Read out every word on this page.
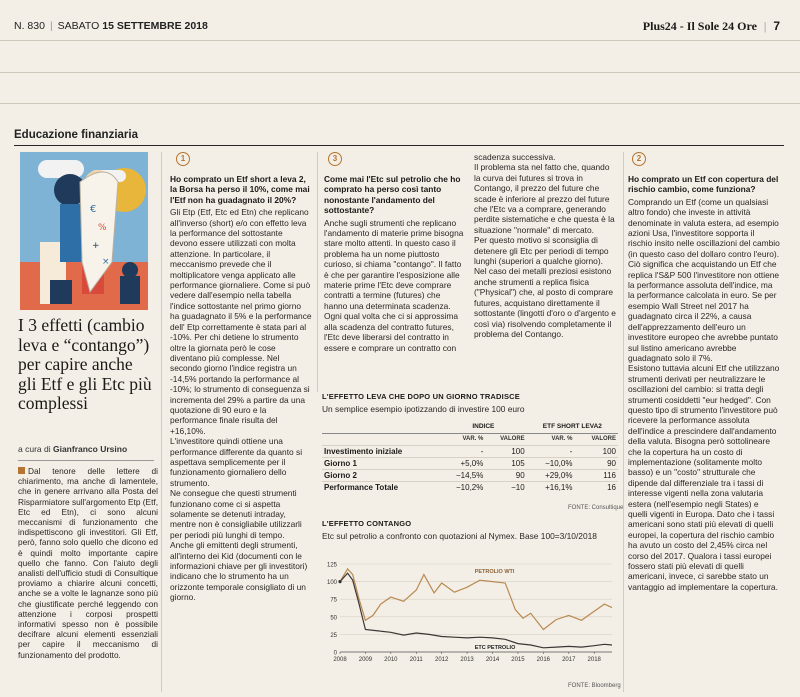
N. 830 | SABATO 15 SETTEMBRE 2018	Plus24 - Il Sole 24 Ore | 7
Educazione finanziaria
€
%
+
×
I 3 effetti (cambio leva e “contango”) per capire anche gli Etf e gli Etc più complessi
a cura di Gianfranco Ursino

Dal tenore delle lettere di chiarimento, ma anche di lamentele, che in genere arrivano alla Posta del Risparmiatore sull'argomento Etp (Etf, Etc ed Etn), ci sono alcuni meccanismi di funzionamento che indispettiscono gli investitori. Gli Etf, però, fanno solo quello che dicono ed è quindi molto importante capire quello che fanno. Con l'aiuto degli analisti dell'ufficio studi di Consultique proviamo a chiarire alcuni concetti, anche se a volte le lagnanze sono più che giustificate perché leggendo con attenzione i corposi prospetti informativi spesso non è possibile decifrare alcuni elementi essenziali per capire il meccanismo di funzionamento del prodotto.

1
Ho comprato un Etf short a leva 2, la Borsa ha perso il 10%, come mai l'Etf non ha guadagnato il 20%?

Gli Etp (Etf, Etc ed Etn) che replicano all'inverso (short) e/o con effetto leva la performance del sottostante devono essere utilizzati con molta attenzione. In particolare, il meccanismo prevede che il moltiplicatore venga applicato alle performance giornaliere. Come si può vedere dall'esempio nella tabella l'indice sottostante nel primo giorno ha guadagnato il 5% e la performance dell' Etp correttamente è stata pari al -10%. Per chi detiene lo strumento oltre la giornata però le cose diventano più complesse. Nel secondo giorno l'indice registra un -14,5% portando la performance al -10%; lo strumento di conseguenza si incrementa del 29% a partire da una quotazione di 90 euro e la performance finale risulta del +16,10%.

L'investitore quindi ottiene una performance differente da quanto si aspettava semplicemente per il funzionamento giornaliero dello strumento.

Ne consegue che questi strumenti funzionano come ci si aspetta solamente se detenuti intraday, mentre non è consigliabile utilizzarli per periodi più lunghi di tempo.

Anche gli emittenti degli strumenti, all'interno dei Kid (documenti con le informazioni chiave per gli investitori) indicano che lo strumento ha un orizzonte temporale consigliato di un giorno.

3
Come mai l'Etc sul petrolio che ho comprato ha perso così tanto nonostante l'andamento del sottostante?

Anche sugli strumenti che replicano l'andamento di materie prime bisogna stare molto attenti. In questo caso il problema ha un nome piuttosto curioso, si chiama "contango". Il fatto è che per garantire l'esposizione alle materie prime l'Etc deve comprare contratti a termine (futures) che hanno una determinata scadenza. Ogni qual volta che ci si approssima alla scadenza del contratto futures, l'Etc deve liberarsi del contratto in essere e comprare un contratto con

scadenza successiva.

Il problema sta nel fatto che, quando la curva dei futures si trova in Contango, il prezzo del future che scade è inferiore al prezzo del future che l'Etc va a comprare, generando perdite sistematiche e che questa è la situazione "normale" di mercato.

Per questo motivo si sconsiglia di detenere gli Etc per periodi di tempo lunghi (superiori a qualche giorno).

Nel caso dei metalli preziosi esistono anche strumenti a replica fisica ("Physical") che, al posto di comprare futures, acquistano direttamente il sottostante (lingotti d'oro o d'argento e così via) risolvendo completamente il problema del Contango.

L'EFFETTO LEVA CHE DOPO UN GIORNO TRADISCE
Un semplice esempio ipotizzando di investire 100 euro
	INDICE		ETF SHORT LEVA2	
	VAR. %	VALORE	VAR. %	VALORE
Investimento iniziale	-	100	-	100
Giorno 1	+5,0%	105	−10,0%	90
Giorno 2	−14,5%	90	+29,0%	116
Performance Totale	−10,2%	−10	+16,1%	16
FONTE: Consultique
L'EFFETTO CONTANGO
Etc sul petrolio a confronto con quotazioni al Nymex. Base 100=3/10/2018
0
25
50
75
100
125
2008 2009 2010 2011 2012 2013 2014 2015 2016 2017 2018
PETROLIO WTI
ETC PETROLIO
FONTE: Bloomberg
2
Ho comprato un Etf con copertura del rischio cambio, come funziona?

Comprando un Etf (come un qualsiasi altro fondo) che investe in attività denominate in valuta estera, ad esempio azioni Usa, l'investitore sopporta il rischio insito nelle oscillazioni del cambio (in questo caso del dollaro contro l'euro). Ciò significa che acquistando un Etf che replica l'S&P 500 l'investitore non ottiene la performance assoluta dell'indice, ma la performance calcolata in euro. Se per esempio Wall Street nel 2017 ha guadagnato circa il 22%, a causa dell'apprezzamento dell'euro un investitore europeo che avrebbe puntato sul listino americano avrebbe guadagnato solo il 7%.

Esistono tuttavia alcuni Etf che utilizzano strumenti derivati per neutralizzare le oscillazioni del cambio: si tratta degli strumenti cosiddetti "eur hedged". Con questo tipo di strumento l'investitore può ricevere la performance assoluta dell'indice a prescindere dall'andamento della valuta. Bisogna però sottolineare che la copertura ha un costo di implementazione (solitamente molto basso) e un "costo" strutturale che dipende dal differenziale tra i tassi di interesse vigenti nella zona valutaria estera (nell'esempio negli States) e quelli vigenti in Europa. Dato che i tassi americani sono stati più elevati di quelli europei, la copertura del rischio cambio ha avuto un costo del 2,45% circa nel corso del 2017. Qualora i tassi europei fossero stati più elevati di quelli americani, invece, ci sarebbe stato un vantaggio ad implementare la copertura.
